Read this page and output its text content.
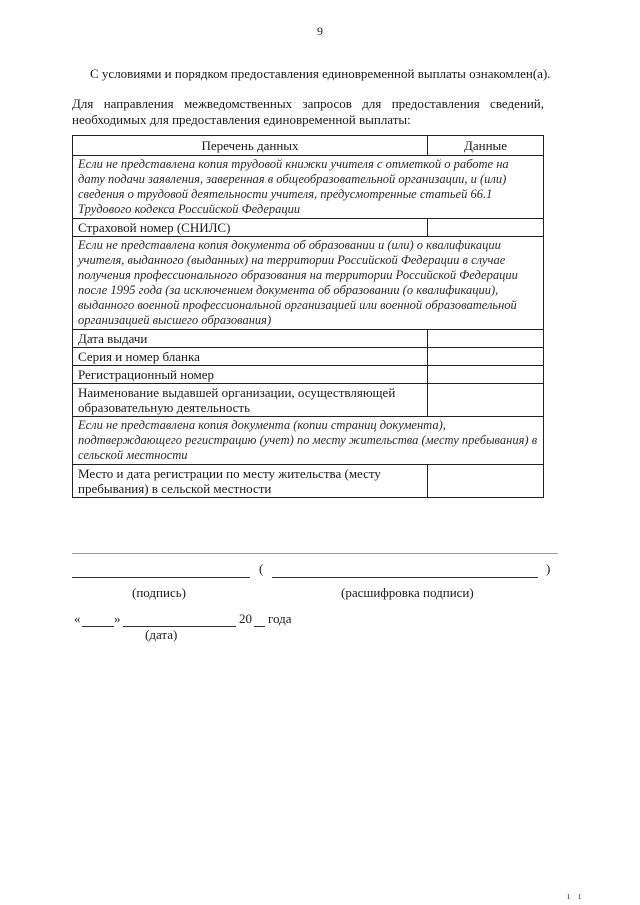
9
С условиями и порядком предоставления единовременной выплаты ознакомлен(а).
Для направления межведомственных запросов для предоставления сведений, необходимых для предоставления единовременной выплаты:
Перечень данных	Данные
Если не представлена копия трудовой книжки учителя с отметкой о работе на дату подачи заявления, заверенная в общеобразовательной организации, и (или) сведения о трудовой деятельности учителя, предусмотренные статьей 66.1 Трудового кодекса Российской Федерации	
Страховой номер (СНИЛС)	
Если не представлена копия документа об образовании и (или) о квалификации учителя, выданного (выданных) на территории Российской Федерации в случае получения профессионального образования на территории Российской Федерации после 1995 года (за исключением документа об образовании (о квалификации), выданного военной профессиональной организацией или военной образовательной организацией высшего образования)	
Дата выдачи	
Серия и номер бланка	
Регистрационный номер	
Наименование выдавшей организации, осуществляющей образовательную деятельность	
Если не представлена копия документа (копии страниц документа), подтверждающего регистрацию (учет) по месту жительства (месту пребывания) в сельской местности	
Место и дата регистрации по месту жительства (месту пребывания) в сельской местности	
(	)
(подпись)	(расшифровка подписи)
«	»	20 года
(дата)
ı ı
